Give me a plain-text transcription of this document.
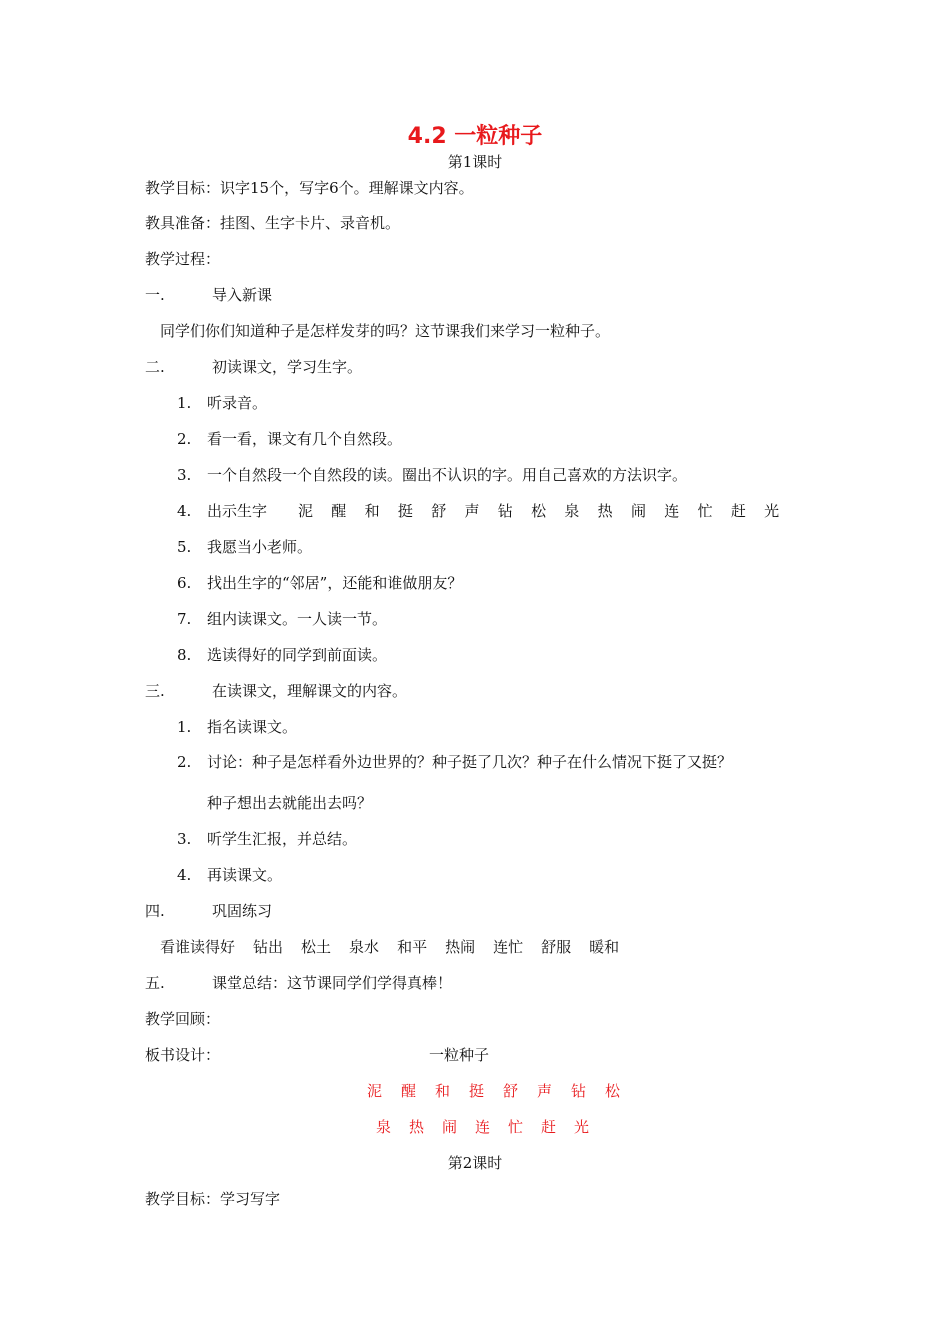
4.2 一粒种子
第1课时
教学目标：识字15个，写字6个。理解课文内容。
教具准备：挂图、生字卡片、录音机。
教学过程：
一.	导入新课
同学们你们知道种子是怎样发芽的吗？这节课我们来学习一粒种子。
二.	初读课文，学习生字。
1. 听录音。
2. 看一看，课文有几个自然段。
3. 一个自然段一个自然段的读。圈出不认识的字。用自己喜欢的方法识字。
4. 出示生字 泥 醒 和 挺 舒 声 钻 松 泉 热 闹 连 忙 赶 光
5. 我愿当小老师。
6. 找出生字的“邻居”，还能和谁做朋友？
7. 组内读课文。一人读一节。
8. 选读得好的同学到前面读。
三.	在读课文，理解课文的内容。
1. 指名读课文。
2. 讨论：种子是怎样看外边世界的？种子挺了几次？种子在什么情况下挺了又挺？
种子想出去就能出去吗？
3. 听学生汇报，并总结。
4. 再读课文。
四.	巩固练习
看谁读得好 钻出 松土 泉水 和平 热闹 连忙 舒服 暖和
五.	课堂总结：这节课同学们学得真棒！
教学回顾：
板书设计：	一粒种子
泥 醒 和 挺 舒 声 钻 松
泉 热 闹 连 忙 赶 光
第2课时
教学目标：学习写字
